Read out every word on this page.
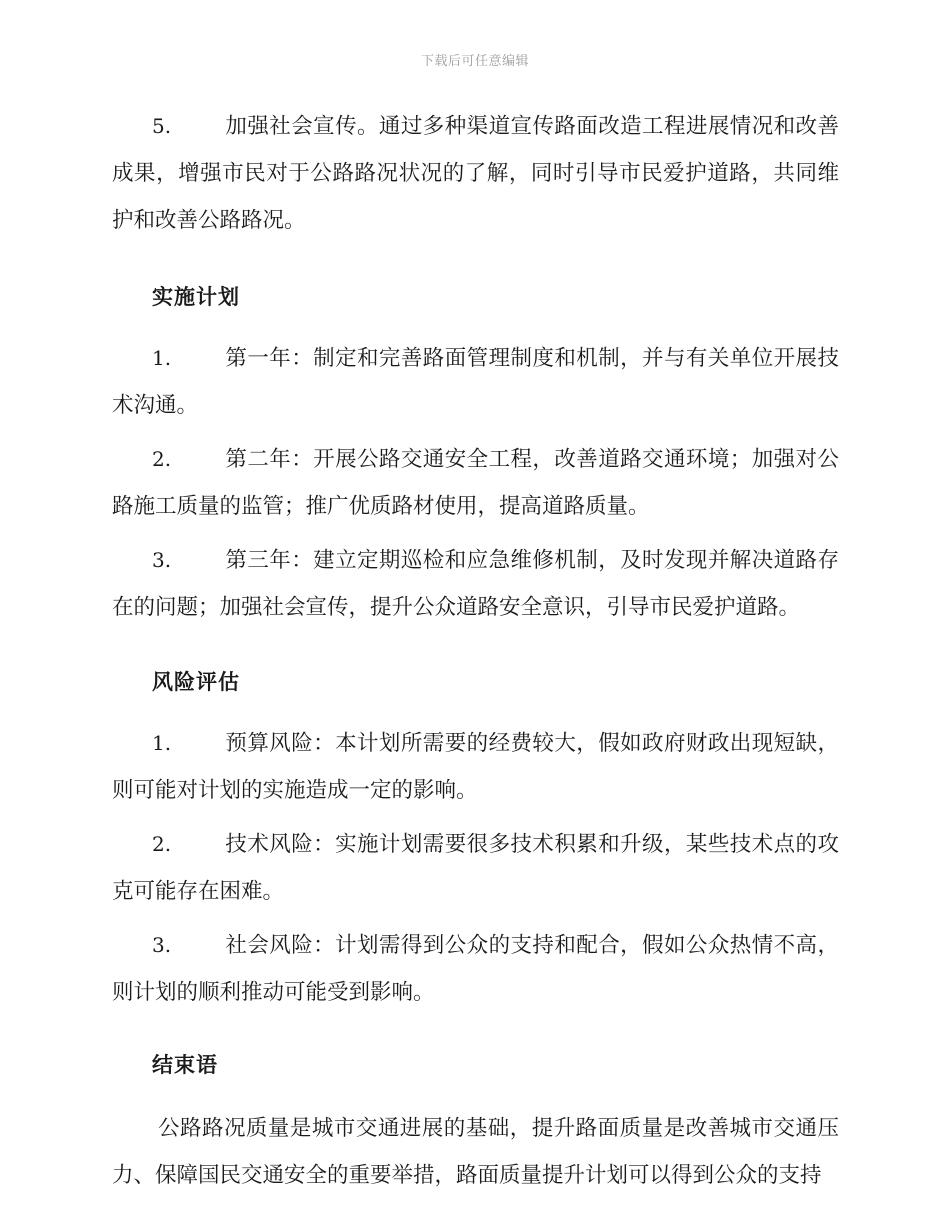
下载后可任意编辑

5.	加强社会宣传。通过多种渠道宣传路面改造工程进展情况和改善成果，增强市民对于公路路况状况的了解，同时引导市民爱护道路，共同维护和改善公路路况。

实施计划

1.	第一年：制定和完善路面管理制度和机制，并与有关单位开展技术沟通。

2.	第二年：开展公路交通安全工程，改善道路交通环境；加强对公路施工质量的监管；推广优质路材使用，提高道路质量。

3.	第三年：建立定期巡检和应急维修机制，及时发现并解决道路存在的问题；加强社会宣传，提升公众道路安全意识，引导市民爱护道路。

风险评估

1.	预算风险：本计划所需要的经费较大，假如政府财政出现短缺，则可能对计划的实施造成一定的影响。

2.	技术风险：实施计划需要很多技术积累和升级，某些技术点的攻克可能存在困难。

3.	社会风险：计划需得到公众的支持和配合，假如公众热情不高，则计划的顺利推动可能受到影响。

结束语

公路路况质量是城市交通进展的基础，提升路面质量是改善城市交通压力、保障国民交通安全的重要举措，路面质量提升计划可以得到公众的支持
